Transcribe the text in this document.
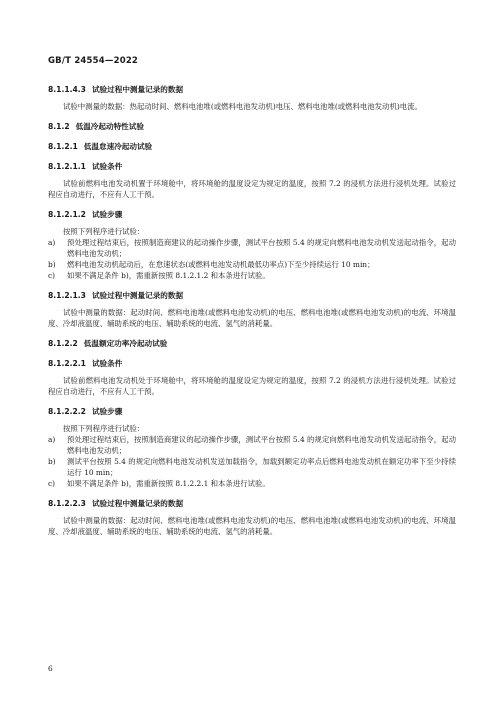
GB/T 24554—2022
8.1.1.4.3 试验过程中测量记录的数据

试验中测量的数据：热起动时间、燃料电池堆(或燃料电池发动机)电压、燃料电池堆(或燃料电池发动机)电流。

8.1.2 低温冷起动特性试验
8.1.2.1 低温怠速冷起动试验
8.1.2.1.1 试验条件

试验前燃料电池发动机置于环境舱中，将环境舱的温度设定为规定的温度，按照 7.2 的浸机方法进行浸机处理。试验过程应自动进行，不应有人工干预。

8.1.2.1.2 试验步骤

按照下列程序进行试验：

a)	预处理过程结束后，按照制造商建议的起动操作步骤，测试平台按照 5.4 的规定向燃料电池发动机发送起动指令，起动燃料电池发动机；
b)	燃料电池发动机起动后，在怠速状态(或燃料电池发动机最低功率点)下至少持续运行 10 min；
c)	如果不满足条件 b)，需重新按照 8.1.2.1.2 和本条进行试验。
8.1.2.1.3 试验过程中测量记录的数据

试验中测量的数据：起动时间、燃料电池堆(或燃料电池发动机)的电压、燃料电池堆(或燃料电池发动机)的电流、环境温度、冷却液温度、辅助系统的电压、辅助系统的电流、氢气的消耗量。

8.1.2.2 低温额定功率冷起动试验
8.1.2.2.1 试验条件

试验前燃料电池发动机处于环境舱中，将环境舱的温度设定为规定的温度，按照 7.2 的浸机方法进行浸机处理。试验过程应自动进行，不应有人工干预。

8.1.2.2.2 试验步骤

按照下列程序进行试验：

a)	预处理过程结束后，按照制造商建议的起动操作步骤，测试平台按照 5.4 的规定向燃料电池发动机发送起动指令，起动燃料电池发动机；
b)	测试平台按照 5.4 的规定向燃料电池发动机发送加载指令，加载到额定功率点后燃料电池发动机在额定功率下至少持续运行 10 min；
c)	如果不满足条件 b)，需重新按照 8.1.2.2.1 和本条进行试验。
8.1.2.2.3 试验过程中测量记录的数据

试验中测量的数据：起动时间、燃料电池堆(或燃料电池发动机)的电压、燃料电池堆(或燃料电池发动机)的电流、环境温度、冷却液温度、辅助系统的电压、辅助系统的电流、氢气的消耗量。

6
